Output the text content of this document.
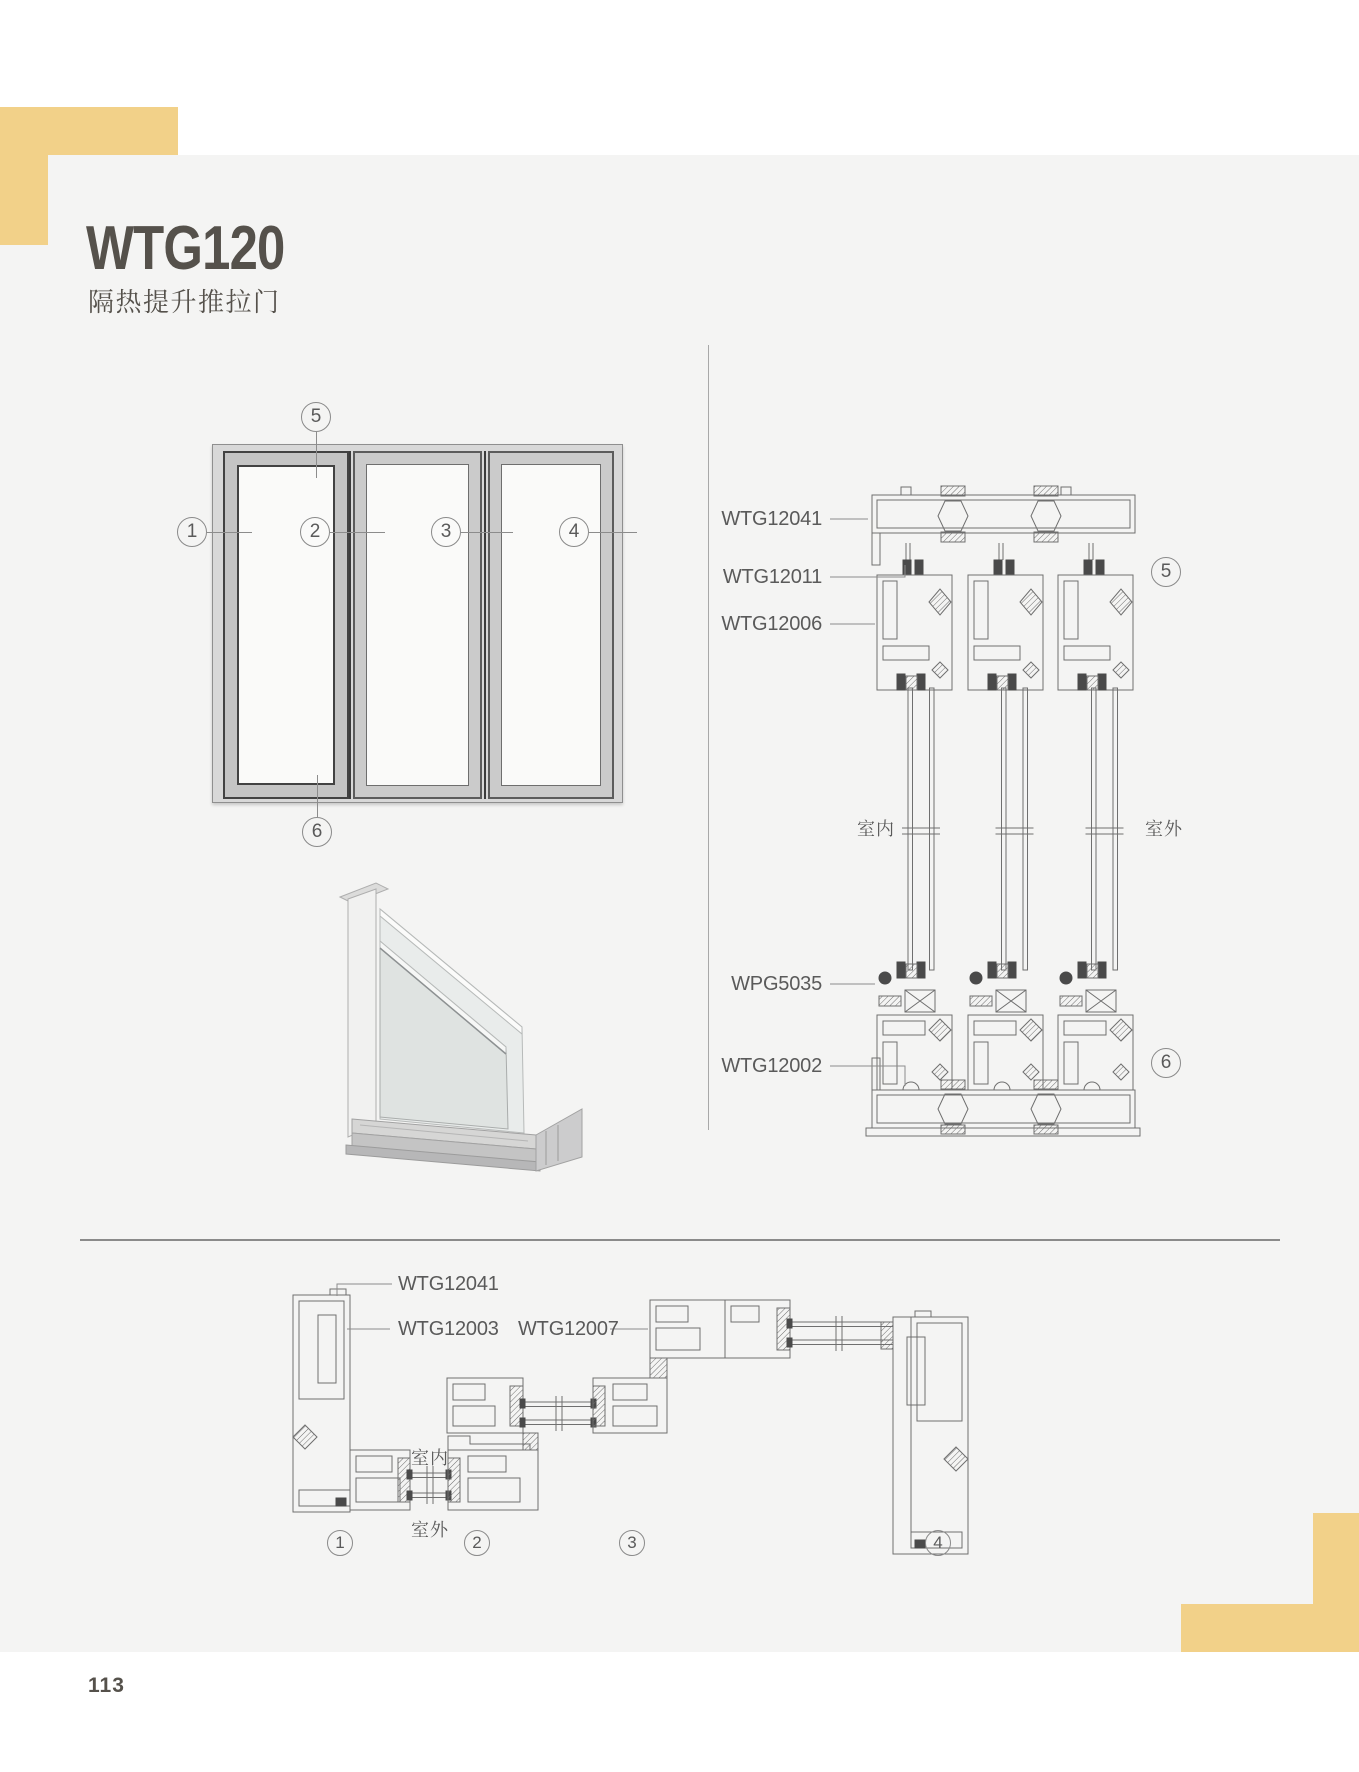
WTG120
隔热提升推拉门
113
5
1	2	3	4
6
WTG12041
WTG12011
WTG12006
WPG5035
WTG12002
室内	室外
5
6
WTG12041
WTG12003 WTG12007
室内
室外
1	2	3	4
